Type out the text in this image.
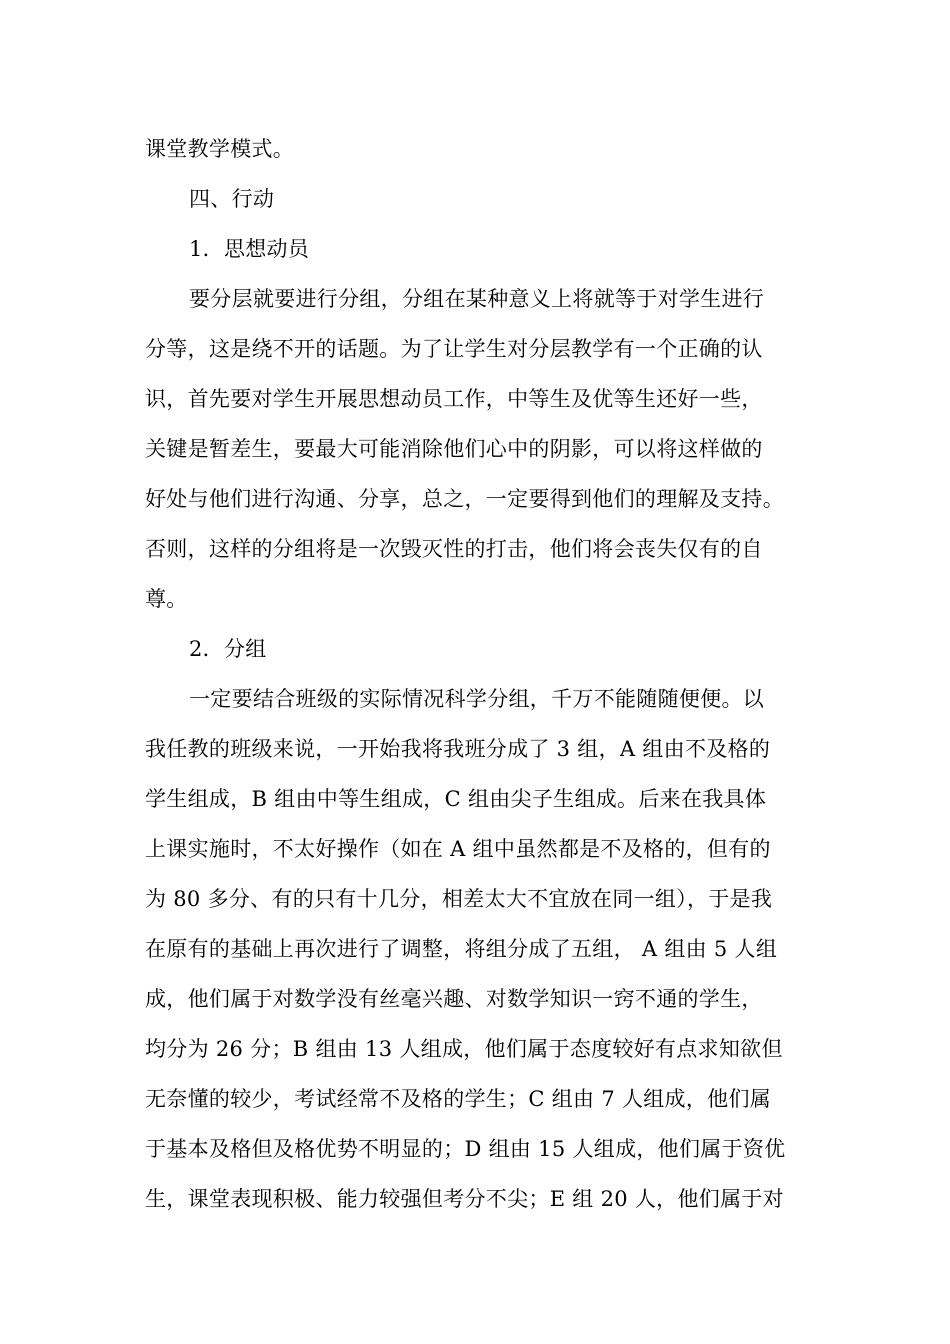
课堂教学模式。
四、行动
1．思想动员
要分层就要进行分组，分组在某种意义上将就等于对学生进行
分等，这是绕不开的话题。为了让学生对分层教学有一个正确的认
识，首先要对学生开展思想动员工作，中等生及优等生还好一些，
关键是暂差生，要最大可能消除他们心中的阴影，可以将这样做的
好处与他们进行沟通、分享，总之，一定要得到他们的理解及支持。
否则，这样的分组将是一次毁灭性的打击，他们将会丧失仅有的自
尊。
2．分组
一定要结合班级的实际情况科学分组，千万不能随随便便。以
我任教的班级来说，一开始我将我班分成了 3 组，A 组由不及格的
学生组成，B 组由中等生组成，C 组由尖子生组成。后来在我具体
上课实施时，不太好操作（如在 A 组中虽然都是不及格的，但有的
为 80 多分、有的只有十几分，相差太大不宜放在同一组），于是我
在原有的基础上再次进行了调整，将组分成了五组， A 组由 5 人组
成，他们属于对数学没有丝毫兴趣、对数学知识一窍不通的学生，
均分为 26 分；B 组由 13 人组成，他们属于态度较好有点求知欲但
无奈懂的较少，考试经常不及格的学生；C 组由 7 人组成，他们属
于基本及格但及格优势不明显的；D 组由 15 人组成，他们属于资优
生，课堂表现积极、能力较强但考分不尖；E 组 20 人，他们属于对
